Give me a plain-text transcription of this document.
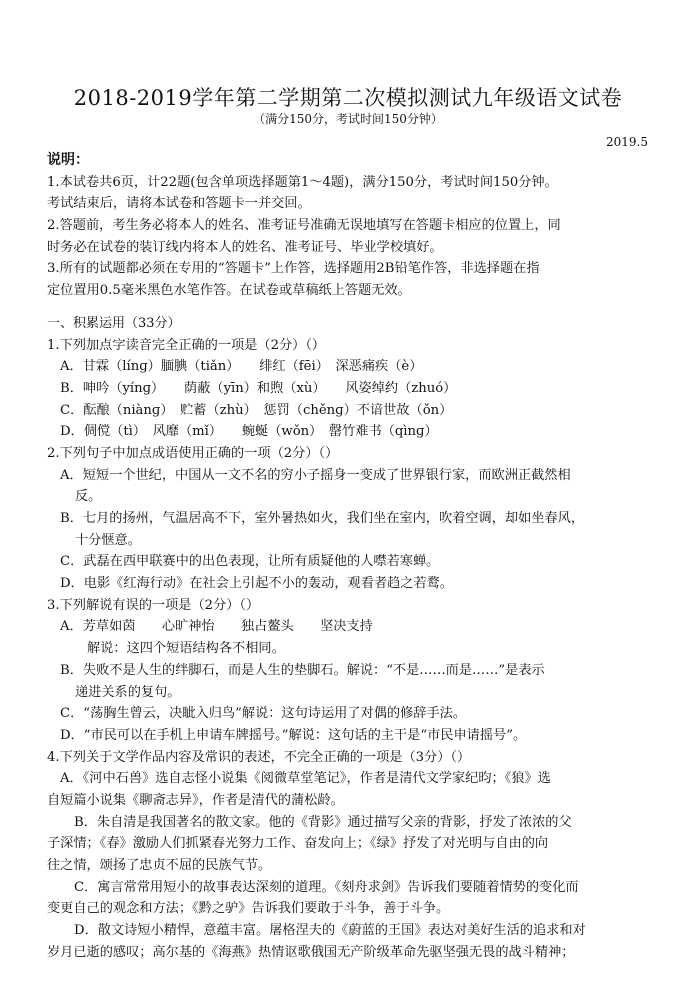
2018-2019学年第二学期第二次模拟测试九年级语文试卷
（满分150分，考试时间150分钟）
2019.5
说明：
1.本试卷共6页，计22题(包含单项选择题第1～4题)，满分150分，考试时间150分钟。
考试结束后，请将本试卷和答题卡一并交回。
2.答题前，考生务必将本人的姓名、准考证号准确无误地填写在答题卡相应的位置上，同
时务必在试卷的装订线内将本人的姓名、准考证号、毕业学校填好。
3.所有的试题都必须在专用的“答题卡”上作答，选择题用2B铅笔作答，非选择题在指
定位置用0.5毫米黑色水笔作答。在试卷或草稿纸上答题无效。
一、积累运用（33分）
1.下列加点字读音完全正确的一项是（2分）（）
A．甘霖（línɡ）腼腆（tiǎn）　　绯红（fēi）　深恶痛疾（è）
B．呻吟（yínɡ）　　荫蔽（yīn）和煦（xù）　　风姿绰约（zhuó）
C．酝酿（niànɡ）　贮蓄（zhù）　惩罚（chěnɡ）不谙世故（ǒn）
D．倜傥（tì）　风靡（mǐ）　　蜿蜒（wǒn）　罄竹难书（qìnɡ）
2.下列句子中加点成语使用正确的一项（2分）（）
A．短短一个世纪，中国从一文不名的穷小子摇身一变成了世界银行家，而欧洲正截然相
反。
B．七月的扬州，气温居高不下，室外暑热如火，我们坐在室内，吹着空调，却如坐春风，
十分惬意。
C．武磊在西甲联赛中的出色表现，让所有质疑他的人噤若寒蝉。
D．电影《红海行动》在社会上引起不小的轰动，观看者趋之若鹜。
3.下列解说有误的一项是（2分）（）
A．芳草如茵　　心旷神怡　　独占鳌头　　坚决支持
解说：这四个短语结构各不相同。
B．失败不是人生的绊脚石，而是人生的垫脚石。解说：“不是……而是……”是表示
递进关系的复句。
C．“荡胸生曾云，决眦入归鸟”解说：这句诗运用了对偶的修辞手法。
D．“市民可以在手机上申请车牌摇号。”解说：这句话的主干是“市民申请摇号”。
4.下列关于文学作品内容及常识的表述，不完全正确的一项是（3分）（）
A．《河中石兽》选自志怪小说集《阅微草堂笔记》，作者是清代文学家纪昀；《狼》选
自短篇小说集《聊斋志异》，作者是清代的蒲松龄。
B．朱自清是我国著名的散文家。他的《背影》通过描写父亲的背影，抒发了浓浓的父
子深情；《春》激励人们抓紧春光努力工作、奋发向上；《绿》抒发了对光明与自由的向
往之情，颂扬了忠贞不屈的民族气节。
C．寓言常常用短小的故事表达深刻的道理。《刻舟求剑》告诉我们要随着情势的变化而
变更自己的观念和方法；《黔之驴》告诉我们要敢于斗争，善于斗争。
D．散文诗短小精悍，意蕴丰富。屠格涅夫的《蔚蓝的王国》表达对美好生活的追求和对
岁月已逝的感叹；高尔基的《海燕》热情讴歌俄国无产阶级革命先驱坚强无畏的战斗精神；
